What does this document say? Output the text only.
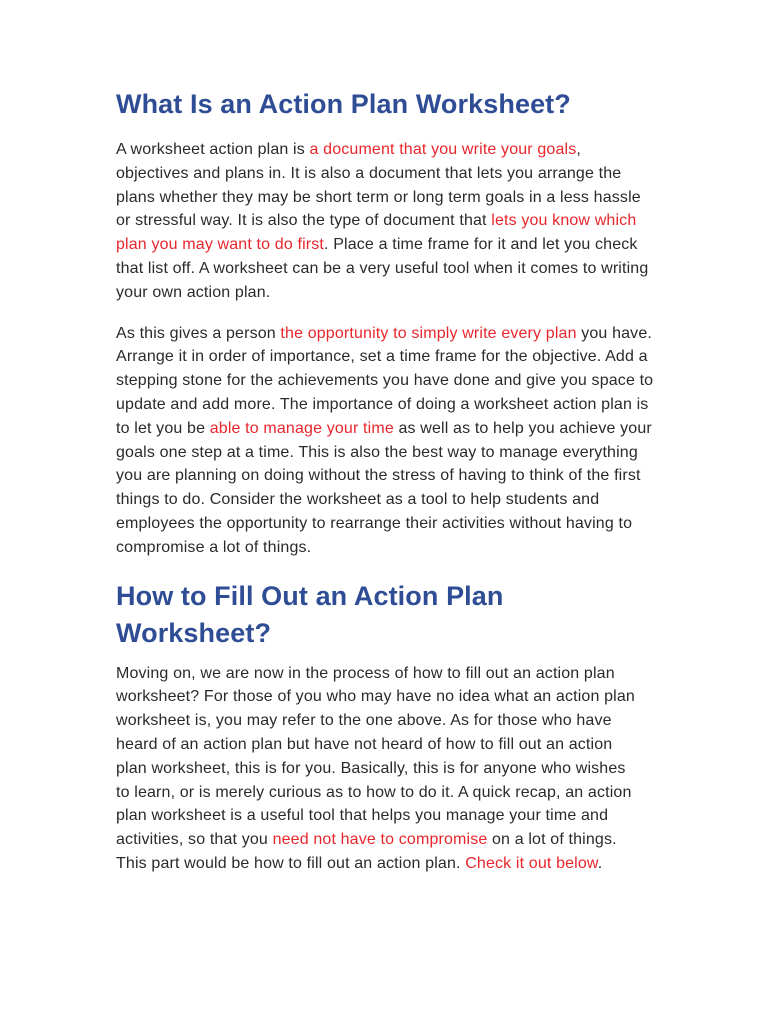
What Is an Action Plan Worksheet?

A worksheet action plan is a document that you write your goals, objectives and plans in. It is also a document that lets you arrange the plans whether they may be short term or long term goals in a less hassle or stressful way. It is also the type of document that lets you know which plan you may want to do first. Place a time frame for it and let you check that list off. A worksheet can be a very useful tool when it comes to writing your own action plan.

As this gives a person the opportunity to simply write every plan you have. Arrange it in order of importance, set a time frame for the objective. Add a stepping stone for the achievements you have done and give you space to update and add more. The importance of doing a worksheet action plan is to let you be able to manage your time as well as to help you achieve your goals one step at a time. This is also the best way to manage everything you are planning on doing without the stress of having to think of the first things to do. Consider the worksheet as a tool to help students and employees the opportunity to rearrange their activities without having to compromise a lot of things.

How to Fill Out an Action Plan Worksheet?

Moving on, we are now in the process of how to fill out an action plan worksheet? For those of you who may have no idea what an action plan worksheet is, you may refer to the one above. As for those who have heard of an action plan but have not heard of how to fill out an action plan worksheet, this is for you. Basically, this is for anyone who wishes to learn, or is merely curious as to how to do it. A quick recap, an action plan worksheet is a useful tool that helps you manage your time and activities, so that you need not have to compromise on a lot of things. This part would be how to fill out an action plan. Check it out below.
